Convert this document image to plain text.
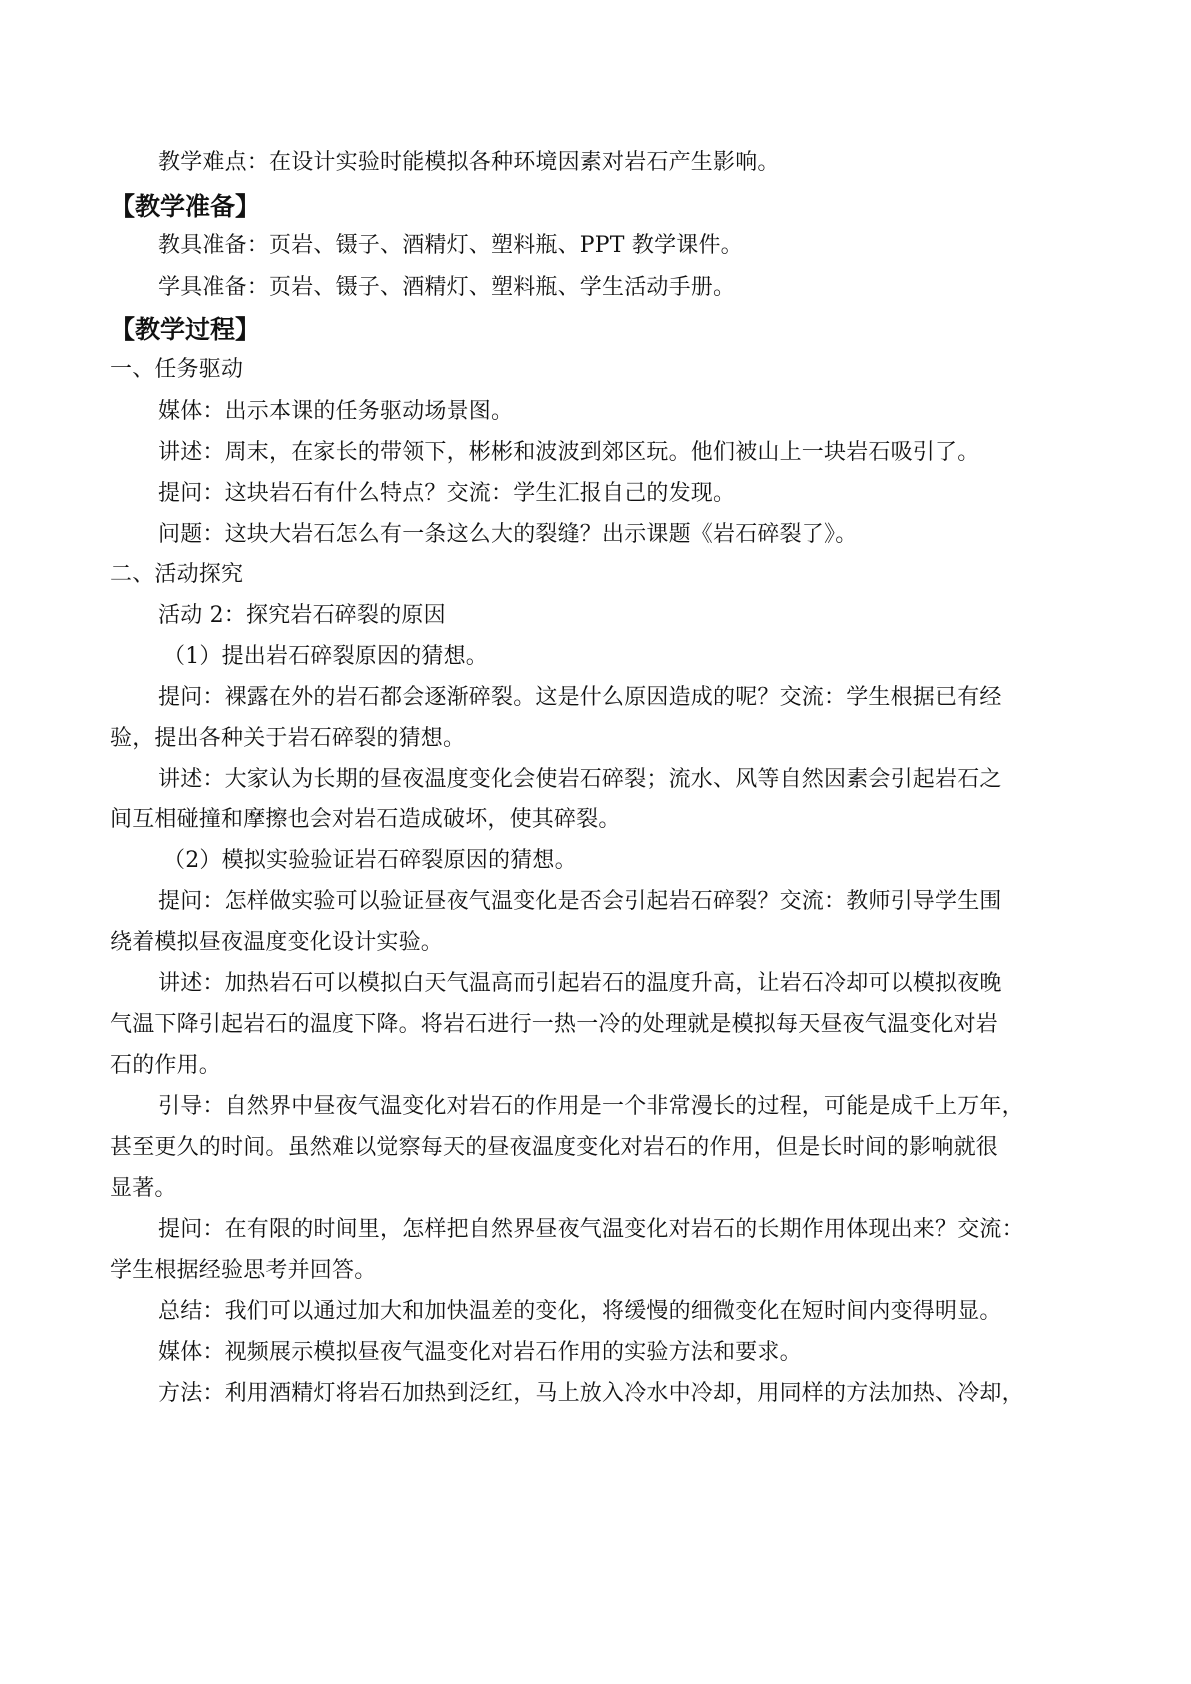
教学难点：在设计实验时能模拟各种环境因素对岩石产生影响。

【教学准备】

教具准备：页岩、镊子、酒精灯、塑料瓶、PPT 教学课件。

学具准备：页岩、镊子、酒精灯、塑料瓶、学生活动手册。

【教学过程】

一、任务驱动

媒体：出示本课的任务驱动场景图。

讲述：周末，在家长的带领下，彬彬和波波到郊区玩。他们被山上一块岩石吸引了。

提问：这块岩石有什么特点？交流：学生汇报自己的发现。

问题：这块大岩石怎么有一条这么大的裂缝？出示课题《岩石碎裂了》。

二、活动探究

活动 2：探究岩石碎裂的原因

（1）提出岩石碎裂原因的猜想。

提问：裸露在外的岩石都会逐渐碎裂。这是什么原因造成的呢？交流：学生根据已有经

验，提出各种关于岩石碎裂的猜想。

讲述：大家认为长期的昼夜温度变化会使岩石碎裂；流水、风等自然因素会引起岩石之

间互相碰撞和摩擦也会对岩石造成破坏，使其碎裂。

（2）模拟实验验证岩石碎裂原因的猜想。

提问：怎样做实验可以验证昼夜气温变化是否会引起岩石碎裂？交流：教师引导学生围

绕着模拟昼夜温度变化设计实验。

讲述：加热岩石可以模拟白天气温高而引起岩石的温度升高，让岩石冷却可以模拟夜晚

气温下降引起岩石的温度下降。将岩石进行一热一冷的处理就是模拟每天昼夜气温变化对岩

石的作用。

引导：自然界中昼夜气温变化对岩石的作用是一个非常漫长的过程，可能是成千上万年，

甚至更久的时间。虽然难以觉察每天的昼夜温度变化对岩石的作用，但是长时间的影响就很

显著。

提问：在有限的时间里，怎样把自然界昼夜气温变化对岩石的长期作用体现出来？交流：

学生根据经验思考并回答。

总结：我们可以通过加大和加快温差的变化，将缓慢的细微变化在短时间内变得明显。

媒体：视频展示模拟昼夜气温变化对岩石作用的实验方法和要求。

方法：利用酒精灯将岩石加热到泛红，马上放入冷水中冷却，用同样的方法加热、冷却，
